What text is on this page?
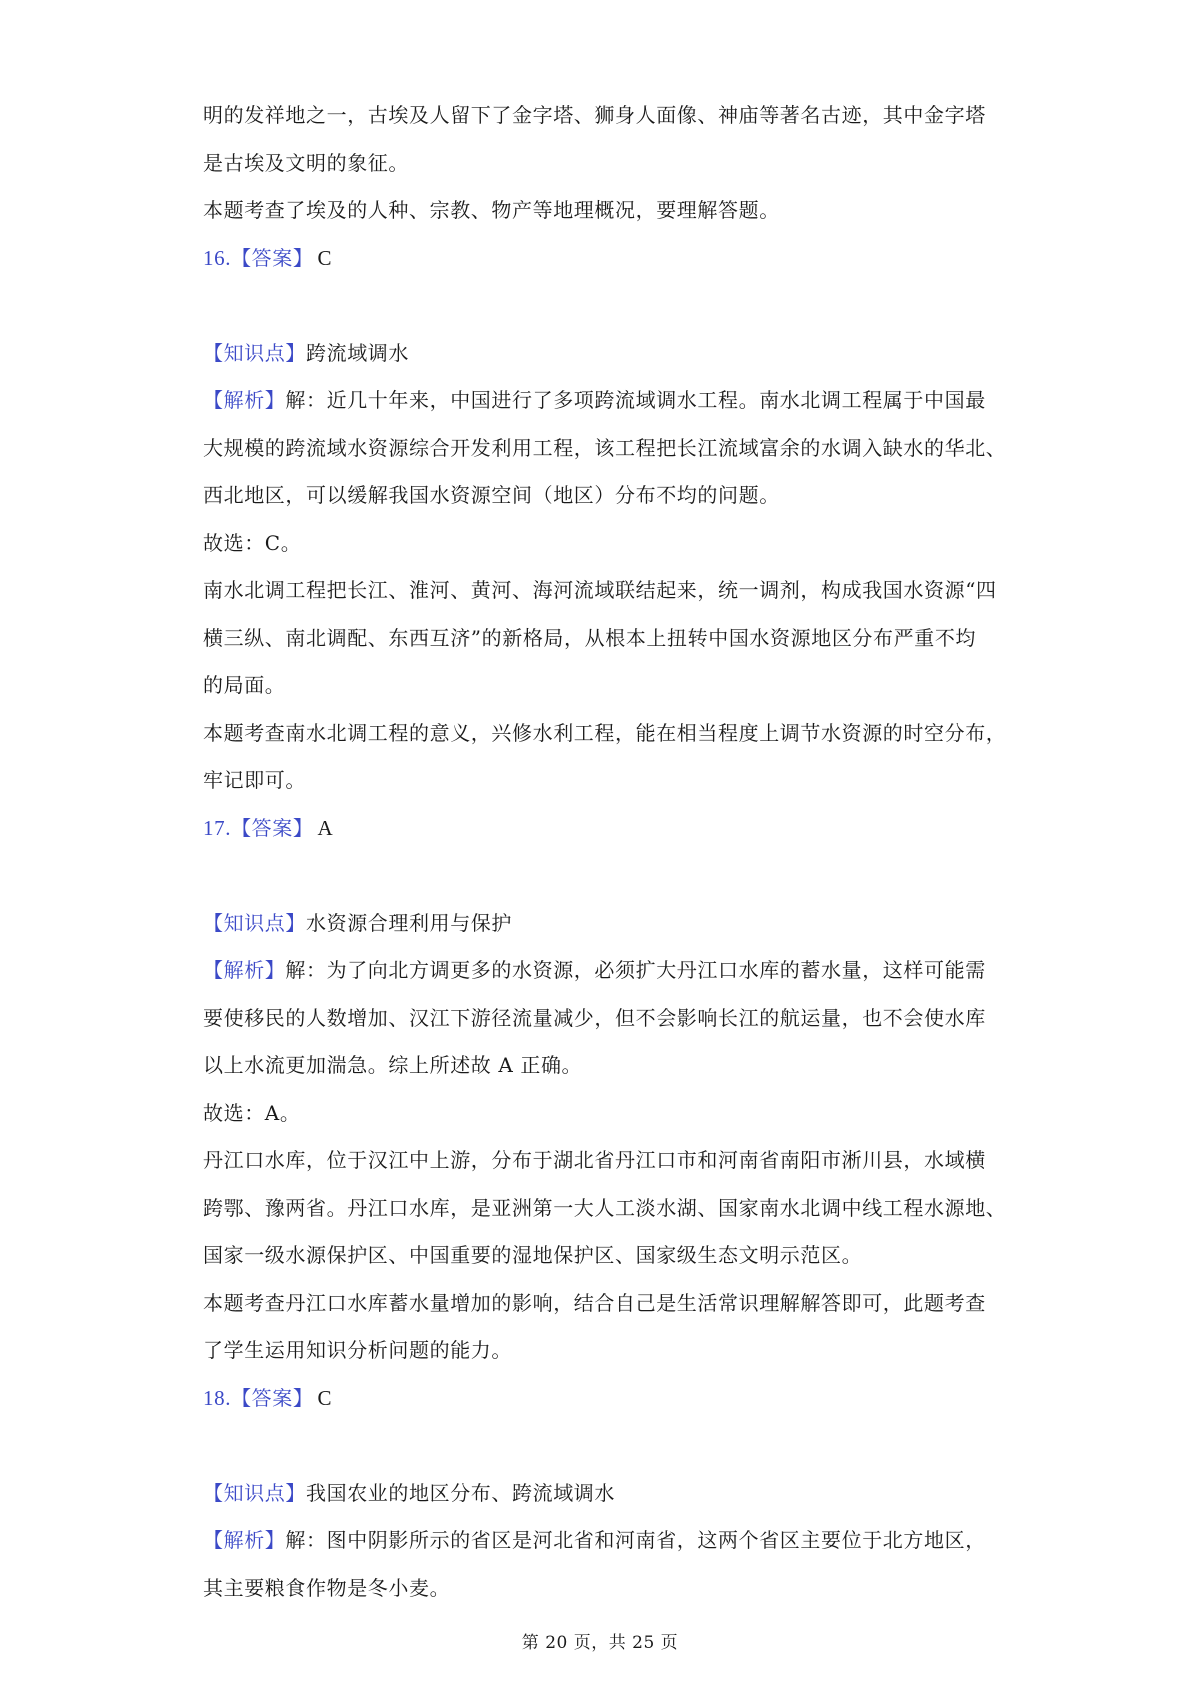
明的发祥地之一，古埃及人留下了金字塔、狮身人面像、神庙等著名古迹，其中金字塔
是古埃及文明的象征。
本题考查了埃及的人种、宗教、物产等地理概况，要理解答题。
16.【答案】 C
【知识点】跨流域调水
【解析】解：近几十年来，中国进行了多项跨流域调水工程。南水北调工程属于中国最
大规模的跨流域水资源综合开发利用工程，该工程把长江流域富余的水调入缺水的华北、
西北地区，可以缓解我国水资源空间（地区）分布不均的问题。
故选：C。
南水北调工程把长江、淮河、黄河、海河流域联结起来，统一调剂，构成我国水资源“四
横三纵、南北调配、东西互济”的新格局，从根本上扭转中国水资源地区分布严重不均
的局面。
本题考查南水北调工程的意义，兴修水利工程，能在相当程度上调节水资源的时空分布，
牢记即可。
17.【答案】 A
【知识点】水资源合理利用与保护
【解析】解：为了向北方调更多的水资源，必须扩大丹江口水库的蓄水量，这样可能需
要使移民的人数增加、汉江下游径流量减少，但不会影响长江的航运量，也不会使水库
以上水流更加湍急。综上所述故 A 正确。
故选：A。
丹江口水库，位于汉江中上游，分布于湖北省丹江口市和河南省南阳市淅川县，水域横
跨鄂、豫两省。丹江口水库，是亚洲第一大人工淡水湖、国家南水北调中线工程水源地、
国家一级水源保护区、中国重要的湿地保护区、国家级生态文明示范区。
本题考查丹江口水库蓄水量增加的影响，结合自己是生活常识理解解答即可，此题考查
了学生运用知识分析问题的能力。
18.【答案】 C
【知识点】我国农业的地区分布、跨流域调水
【解析】解：图中阴影所示的省区是河北省和河南省，这两个省区主要位于北方地区，
其主要粮食作物是冬小麦。
第 20 页，共 25 页
